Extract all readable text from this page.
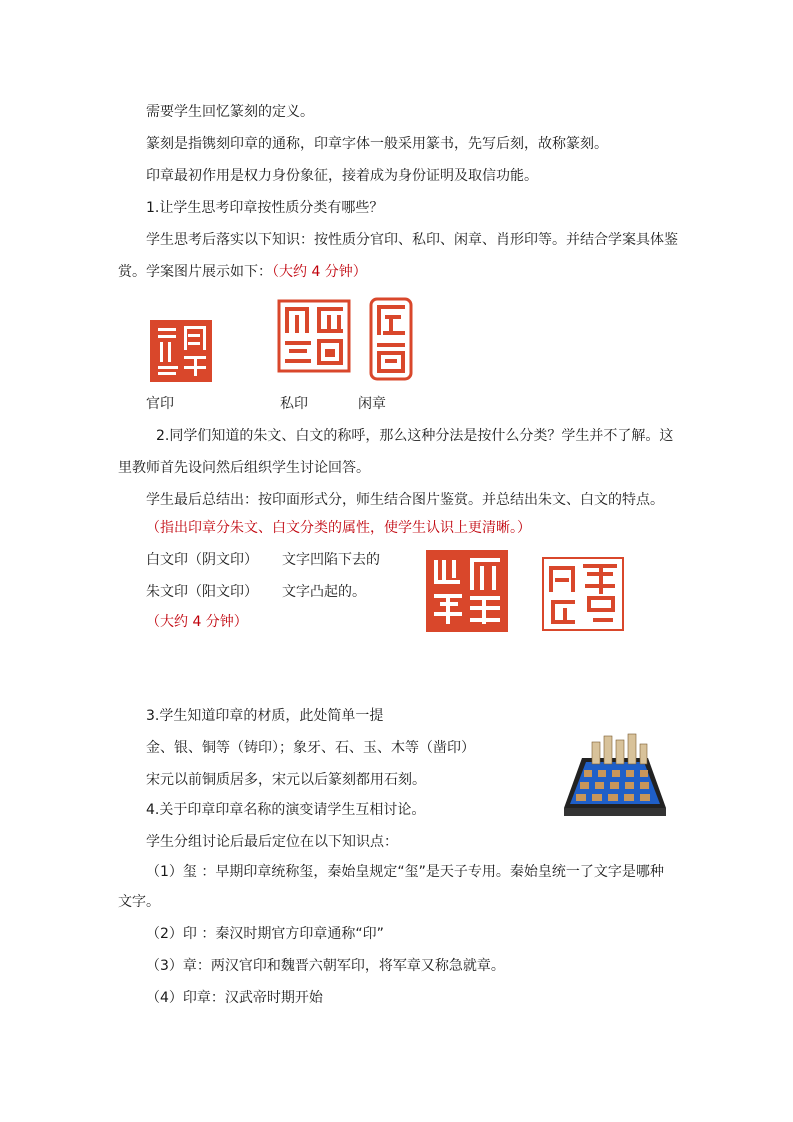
需要学生回忆篆刻的定义。
篆刻是指镌刻印章的通称，印章字体一般采用篆书，先写后刻，故称篆刻。
印章最初作用是权力身份象征，接着成为身份证明及取信功能。
1.让学生思考印章按性质分类有哪些？
学生思考后落实以下知识：按性质分官印、私印、闲章、肖形印等。并结合学案具体鉴
赏。学案图片展示如下：（大约 4 分钟）
官印	私印	闲章
2.同学们知道的朱文、白文的称呼，那么这种分法是按什么分类？学生并不了解。这
里教师首先设问然后组织学生讨论回答。
学生最后总结出：按印面形式分，师生结合图片鉴赏。并总结出朱文、白文的特点。
（指出印章分朱文、白文分类的属性，使学生认识上更清晰。）
白文印（阴文印） 文字凹陷下去的
朱文印（阳文印） 文字凸起的。
（大约 4 分钟）
3.学生知道印章的材质，此处简单一提
金、银、铜等（铸印）；象牙、石、玉、木等（凿印）
宋元以前铜质居多，宋元以后篆刻都用石刻。
4.关于印章印章名称的演变请学生互相讨论。
学生分组讨论后最后定位在以下知识点：
（1）玺 ：早期印章统称玺，秦始皇规定“玺”是天子专用。秦始皇统一了文字是哪种
文字。
（2）印 ：秦汉时期官方印章通称“印”
（3）章：两汉官印和魏晋六朝军印，将军章又称急就章。
（4）印章：汉武帝时期开始
